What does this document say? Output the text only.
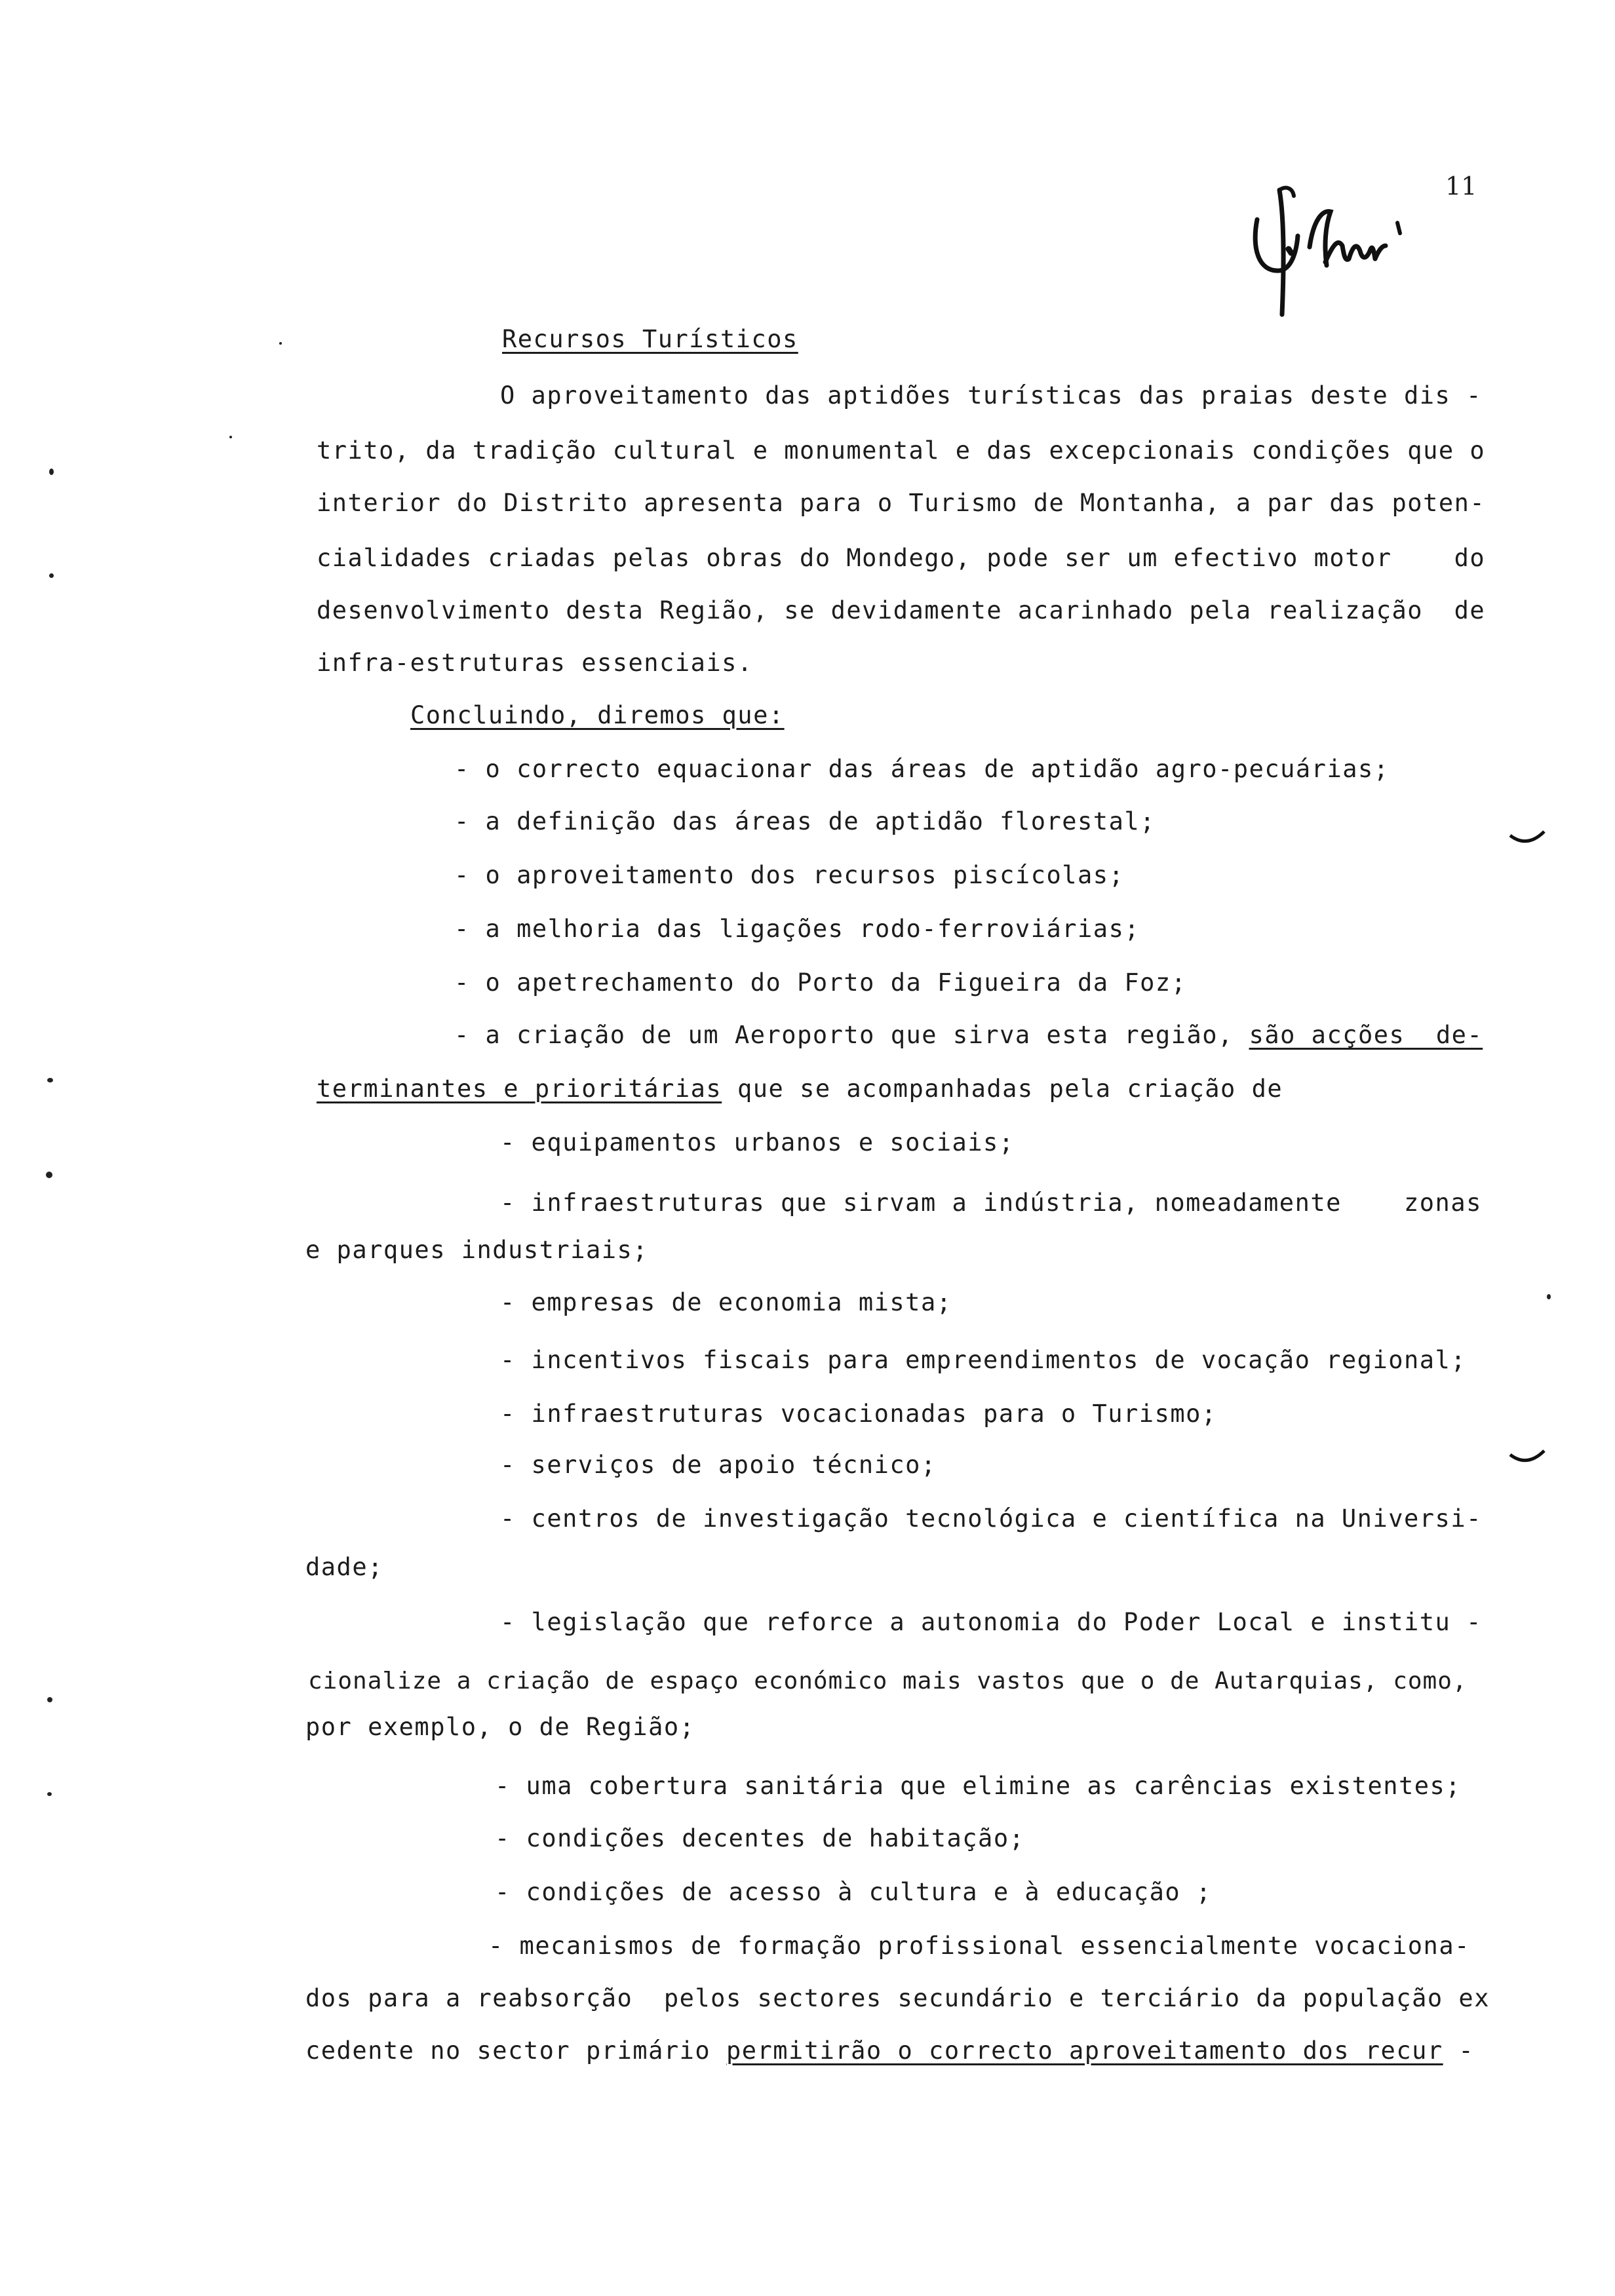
11
Recursos Turísticos
O aproveitamento das aptidões turísticas das praias deste dis -
trito, da tradição cultural e monumental e das excepcionais condições que o
interior do Distrito apresenta para o Turismo de Montanha, a par das poten-
cialidades criadas pelas obras do Mondego, pode ser um efectivo motor    do
desenvolvimento desta Região, se devidamente acarinhado pela realização  de
infra-estruturas essenciais.
Concluindo, diremos que:
- o correcto equacionar das áreas de aptidão agro-pecuárias;
- a definição das áreas de aptidão florestal;
- o aproveitamento dos recursos piscícolas;
- a melhoria das ligações rodo-ferroviárias;
- o apetrechamento do Porto da Figueira da Foz;
- a criação de um Aeroporto que sirva esta região, são acções  de-
terminantes e prioritárias que se acompanhadas pela criação de
- equipamentos urbanos e sociais;
- infraestruturas que sirvam a indústria, nomeadamente    zonas
e parques industriais;
- empresas de economia mista;
- incentivos fiscais para empreendimentos de vocação regional;
- infraestruturas vocacionadas para o Turismo;
- serviços de apoio técnico;
- centros de investigação tecnológica e científica na Universi-
dade;
- legislação que reforce a autonomia do Poder Local e institu -
cionalize a criação de espaço económico mais vastos que o de Autarquias, como,
por exemplo, o de Região;
- uma cobertura sanitária que elimine as carências existentes;
- condições decentes de habitação;
- condições de acesso à cultura e à educação ;
- mecanismos de formação profissional essencialmente vocaciona-
dos para a reabsorção  pelos sectores secundário e terciário da população ex
cedente no sector primário permitirão o correcto aproveitamento dos recur -
